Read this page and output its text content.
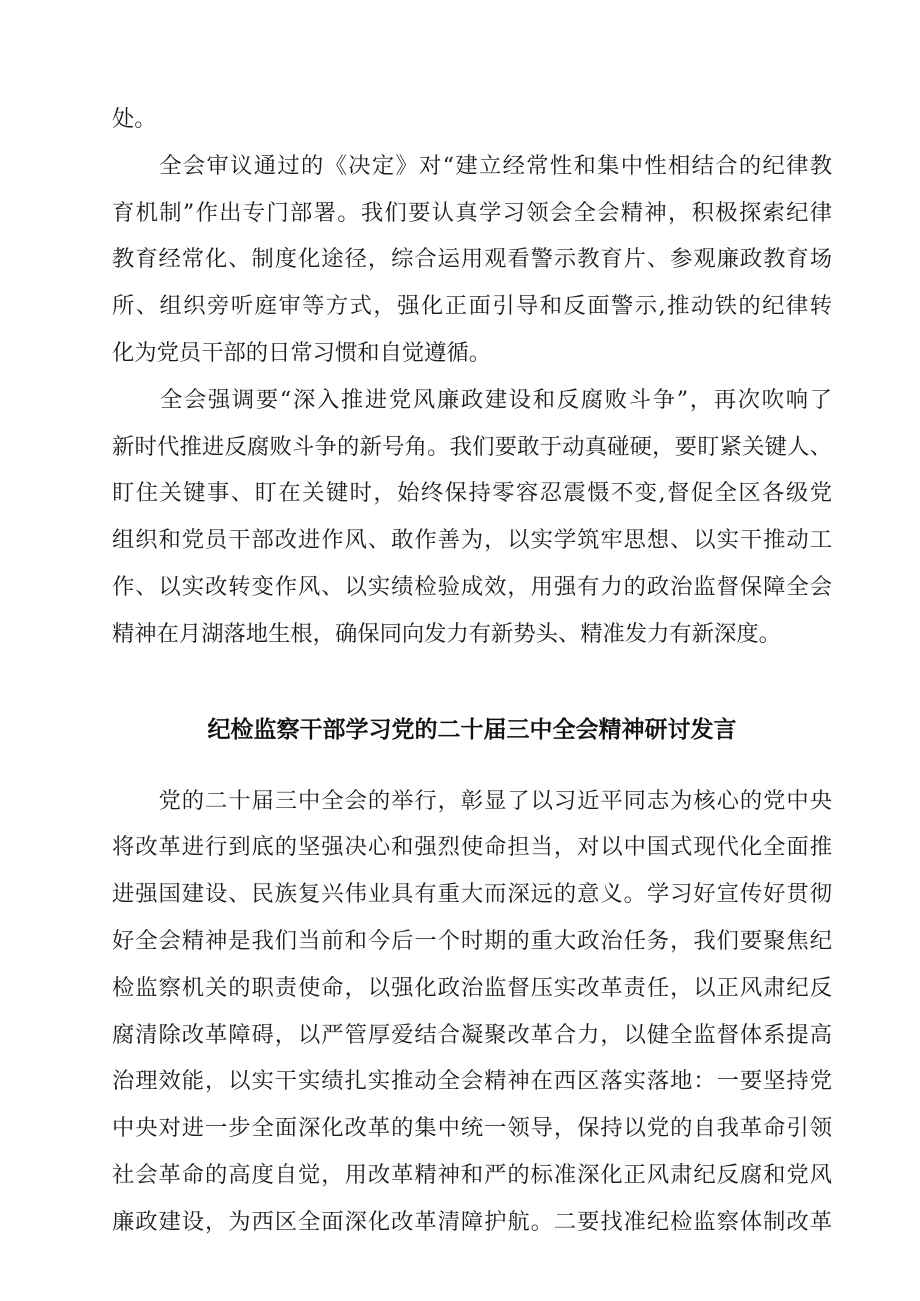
处。
　　全会审议通过的《决定》对“建立经常性和集中性相结合的纪律教
育机制”作出专门部署。我们要认真学习领会全会精神，积极探索纪律
教育经常化、制度化途径，综合运用观看警示教育片、参观廉政教育场
所、组织旁听庭审等方式，强化正面引导和反面警示,推动铁的纪律转
化为党员干部的日常习惯和自觉遵循。
　　全会强调要“深入推进党风廉政建设和反腐败斗争”，再次吹响了
新时代推进反腐败斗争的新号角。我们要敢于动真碰硬，要盯紧关键人、
盯住关键事、盯在关键时，始终保持零容忍震慑不变,督促全区各级党
组织和党员干部改进作风、敢作善为，以实学筑牢思想、以实干推动工
作、以实改转变作风、以实绩检验成效，用强有力的政治监督保障全会
精神在月湖落地生根，确保同向发力有新势头、精准发力有新深度。
纪检监察干部学习党的二十届三中全会精神研讨发言
　　党的二十届三中全会的举行，彰显了以习近平同志为核心的党中央
将改革进行到底的坚强决心和强烈使命担当，对以中国式现代化全面推
进强国建设、民族复兴伟业具有重大而深远的意义。学习好宣传好贯彻
好全会精神是我们当前和今后一个时期的重大政治任务，我们要聚焦纪
检监察机关的职责使命，以强化政治监督压实改革责任，以正风肃纪反
腐清除改革障碍，以严管厚爱结合凝聚改革合力，以健全监督体系提高
治理效能，以实干实绩扎实推动全会精神在西区落实落地：一要坚持党
中央对进一步全面深化改革的集中统一领导，保持以党的自我革命引领
社会革命的高度自觉，用改革精神和严的标准深化正风肃纪反腐和党风
廉政建设，为西区全面深化改革清障护航。二要找准纪检监察体制改革
